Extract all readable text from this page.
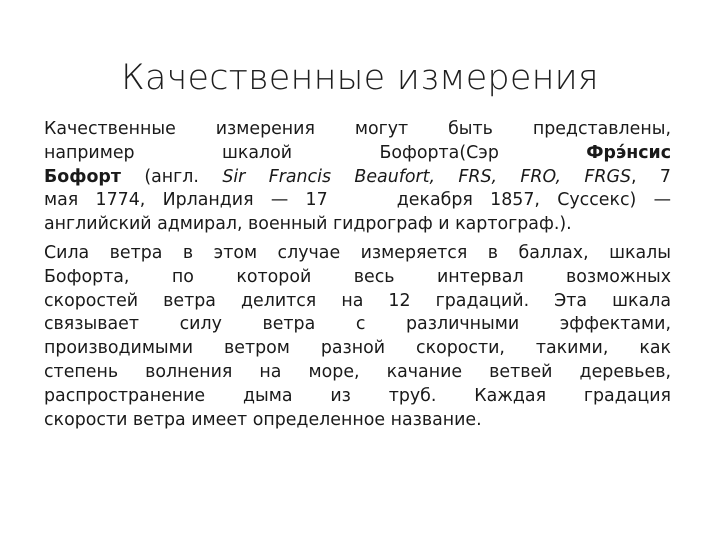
Качественные измерения

Качественные измерения могут быть представлены,
например	шкалой	Бофорта(Сэр	Фрэ́нсис
Бофорт (англ. Sir Francis Beaufort, FRS, FRO, FRGS, 7
мая 1774, Ирландия — 17    декабря 1857, Суссекс) —
английский адмирал, военный гидрограф и картограф.).

Сила ветра в этом случае измеряется в баллах, шкалы
Бофорта, по которой весь интервал возможных
скоростей ветра делится на 12 градаций. Эта шкала
связывает силу ветра с различными эффектами,
производимыми ветром разной скорости, такими, как
степень волнения на море, качание ветвей деревьев,
распространение дыма из труб. Каждая градация
скорости ветра имеет определенное название.
